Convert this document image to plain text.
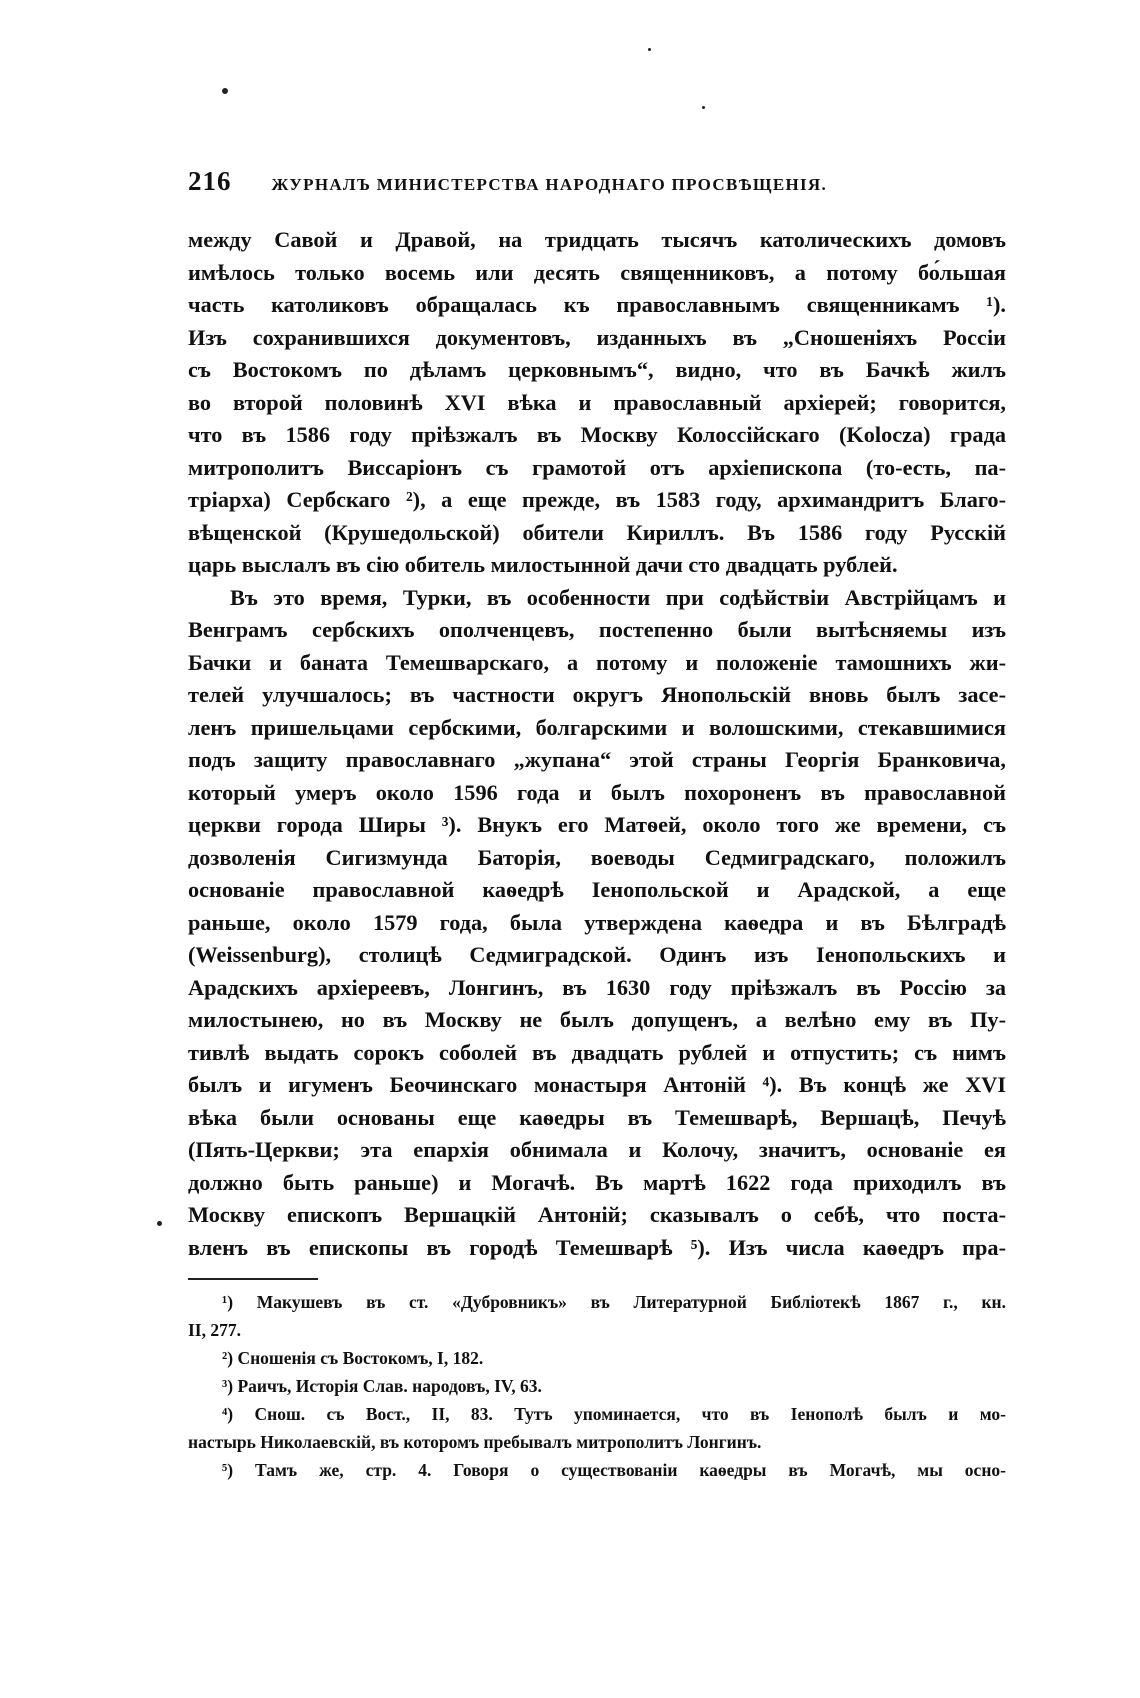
216 ЖУРНАЛЪ МИНИСТЕРСТВА НАРОДНАГО ПРОСВѢЩЕНІЯ.
между Савой и Дравой, на тридцать тысячъ католическихъ домовъ
имѣлось только восемь или десять священниковъ, а потому бо́льшая
часть католиковъ обращалась къ православнымъ священникамъ ¹).
Изъ сохранившихся документовъ, изданныхъ въ „Сношеніяхъ Россіи
съ Востокомъ по дѣламъ церковнымъ“, видно, что въ Бачкѣ жилъ
во второй половинѣ XVI вѣка и православный архіерей; говорится,
что въ 1586 году пріѣзжалъ въ Москву Колоссійскаго (Kolocza) града
митрополитъ Виссаріонъ съ грамотой отъ архіепископа (то-есть, па-
тріарха) Сербскаго ²), а еще прежде, въ 1583 году, архимандритъ Благо-
вѣщенской (Крушедольской) обители Кириллъ. Въ 1586 году Русскій
царь выслалъ въ сію обитель милостынной дачи сто двадцать рублей.
Въ это время, Турки, въ особенности при содѣйствіи Австрійцамъ и
Венграмъ сербскихъ ополченцевъ, постепенно были вытѣсняемы изъ
Бачки и баната Темешварскаго, а потому и положеніе тамошнихъ жи-
телей улучшалось; въ частности округъ Янопольскій вновь былъ засе-
ленъ пришельцами сербскими, болгарскими и волошскими, стекавшимися
подъ защиту православнаго „жупана“ этой страны Георгія Бранковича,
который умеръ около 1596 года и былъ похороненъ въ православной
церкви города Ширы ³). Внукъ его Матѳей, около того же времени, съ
дозволенія Сигизмунда Баторія, воеводы Седмиградскаго, положилъ
основаніе православной каѳедрѣ Іенопольской и Арадской, а еще
раньше, около 1579 года, была утверждена каѳедра и въ Бѣлградѣ
(Weissenburg), столицѣ Седмиградской. Одинъ изъ Іенопольскихъ и
Арадскихъ архіереевъ, Лонгинъ, въ 1630 году пріѣзжалъ въ Россію за
милостынею, но въ Москву не былъ допущенъ, а велѣно ему въ Пу-
тивлѣ выдать сорокъ соболей въ двадцать рублей и отпустить; съ нимъ
былъ и игуменъ Беочинскаго монастыря Антоній ⁴). Въ концѣ же XVI
вѣка были основаны еще каѳедры въ Темешварѣ, Вершацѣ, Печуѣ
(Пять-Церкви; эта епархія обнимала и Колочу, значитъ, основаніе ея
должно быть раньше) и Могачѣ. Въ мартѣ 1622 года приходилъ въ
Москву епископъ Вершацкій Антоній; сказывалъ о себѣ, что поста-
вленъ въ епископы въ городѣ Темешварѣ ⁵). Изъ числа каѳедръ пра-
¹) Макушевъ въ ст. «Дубровникъ» въ Литературной Библіотекѣ 1867 г., кн.
II, 277.
²) Сношенія съ Востокомъ, I, 182.
³) Раичъ, Исторія Слав. народовъ, IV, 63.
⁴) Снош. съ Вост., II, 83. Тутъ упоминается, что въ Іенополѣ былъ и мо-
настырь Николаевскій, въ которомъ пребывалъ митрополитъ Лонгинъ.
⁵) Тамъ же, стр. 4. Говоря о существованіи каѳедры въ Могачѣ, мы осно-
